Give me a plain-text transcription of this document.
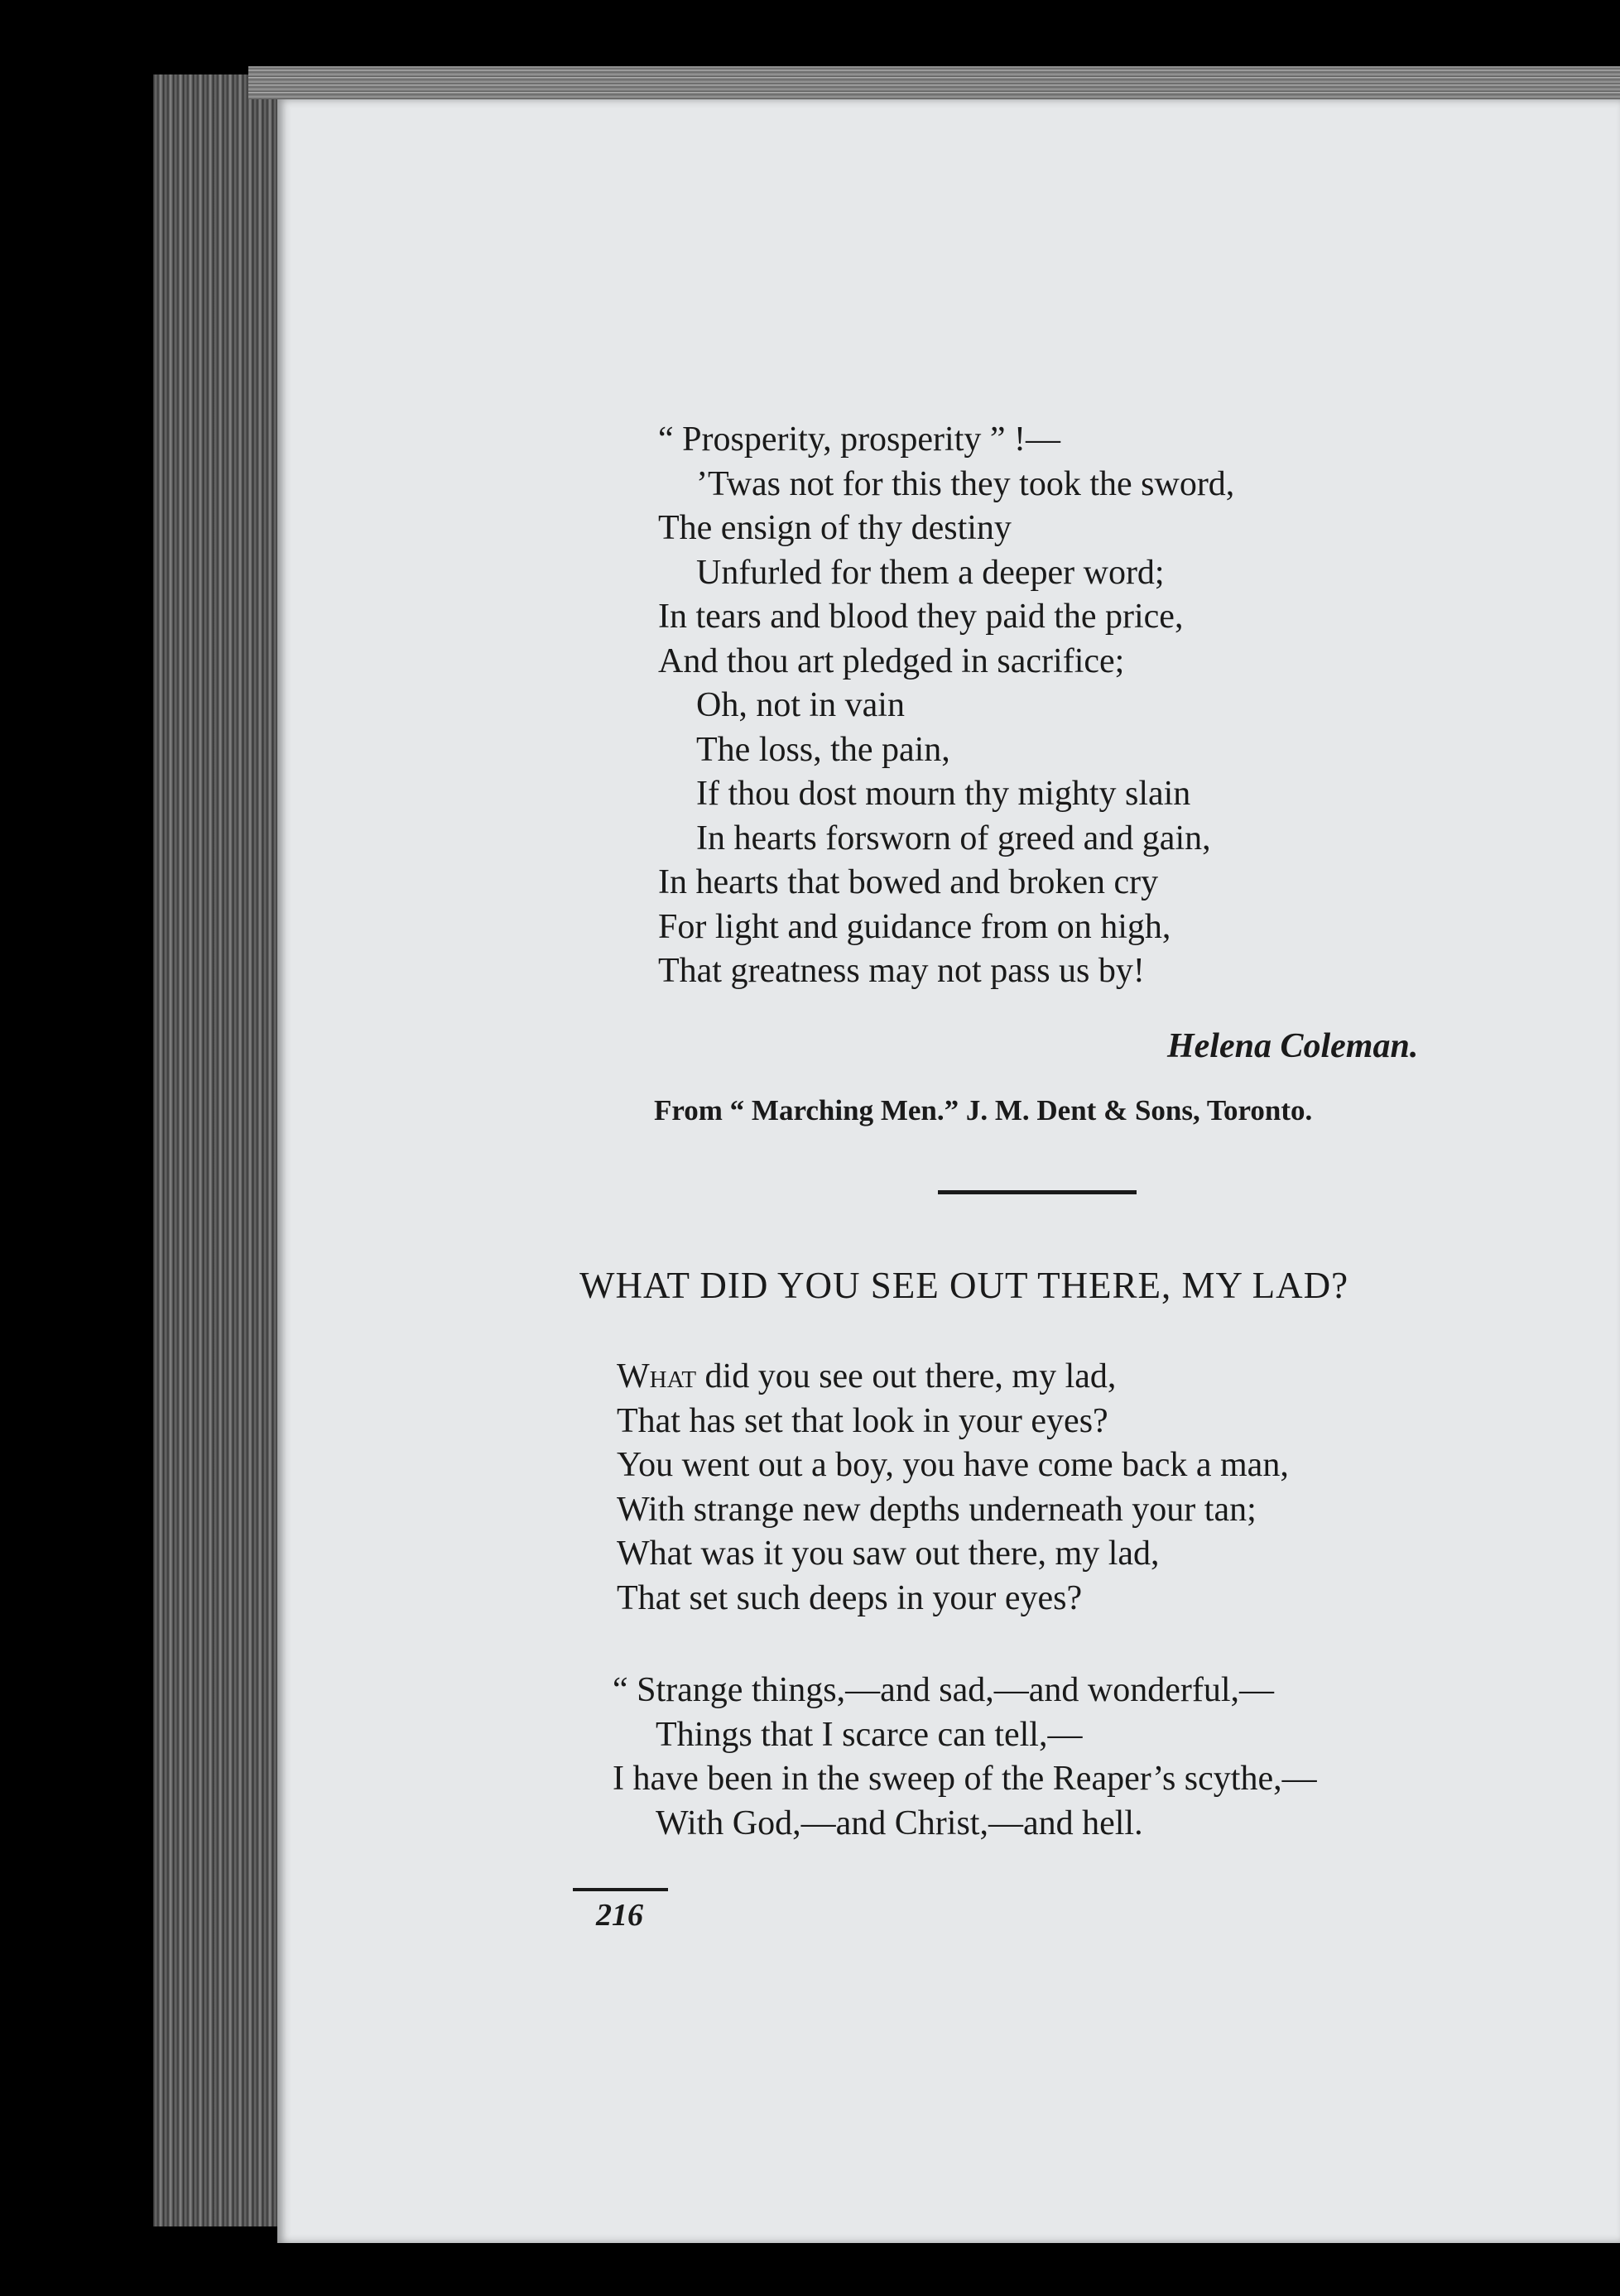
“ Prosperity, prosperity ” !—
’Twas not for this they took the sword,
The ensign of thy destiny
Unfurled for them a deeper word;
In tears and blood they paid the price,
And thou art pledged in sacrifice;
Oh, not in vain
The loss, the pain,
If thou dost mourn thy mighty slain
In hearts forsworn of greed and gain,
In hearts that bowed and broken cry
For light and guidance from on high,
That greatness may not pass us by!
Helena Coleman.
From “ Marching Men.” J. M. Dent & Sons, Toronto.
WHAT DID YOU SEE OUT THERE, MY LAD?
What did you see out there, my lad,
That has set that look in your eyes?
You went out a boy, you have come back a man,
With strange new depths underneath your tan;
What was it you saw out there, my lad,
That set such deeps in your eyes?
“ Strange things,—and sad,—and wonderful,—
Things that I scarce can tell,—
I have been in the sweep of the Reaper’s scythe,—
With God,—and Christ,—and hell.
216
